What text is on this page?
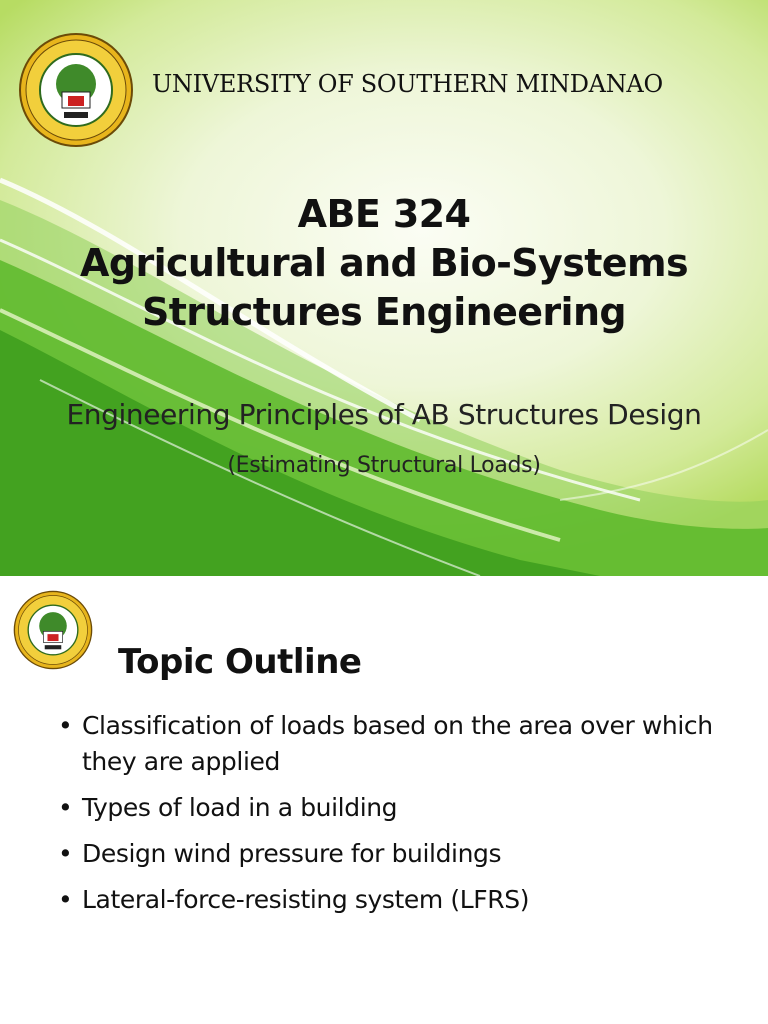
UNIVERSITY OF SOUTHERN MINDANAO
ABE 324
Agricultural and Bio-Systems
Structures Engineering
Engineering Principles of AB Structures Design
(Estimating Structural Loads)
Topic Outline
• Classification of loads based on the area over which they are applied
• Types of load in a building
• Design wind pressure for buildings
• Lateral-force-resisting system (LFRS)
